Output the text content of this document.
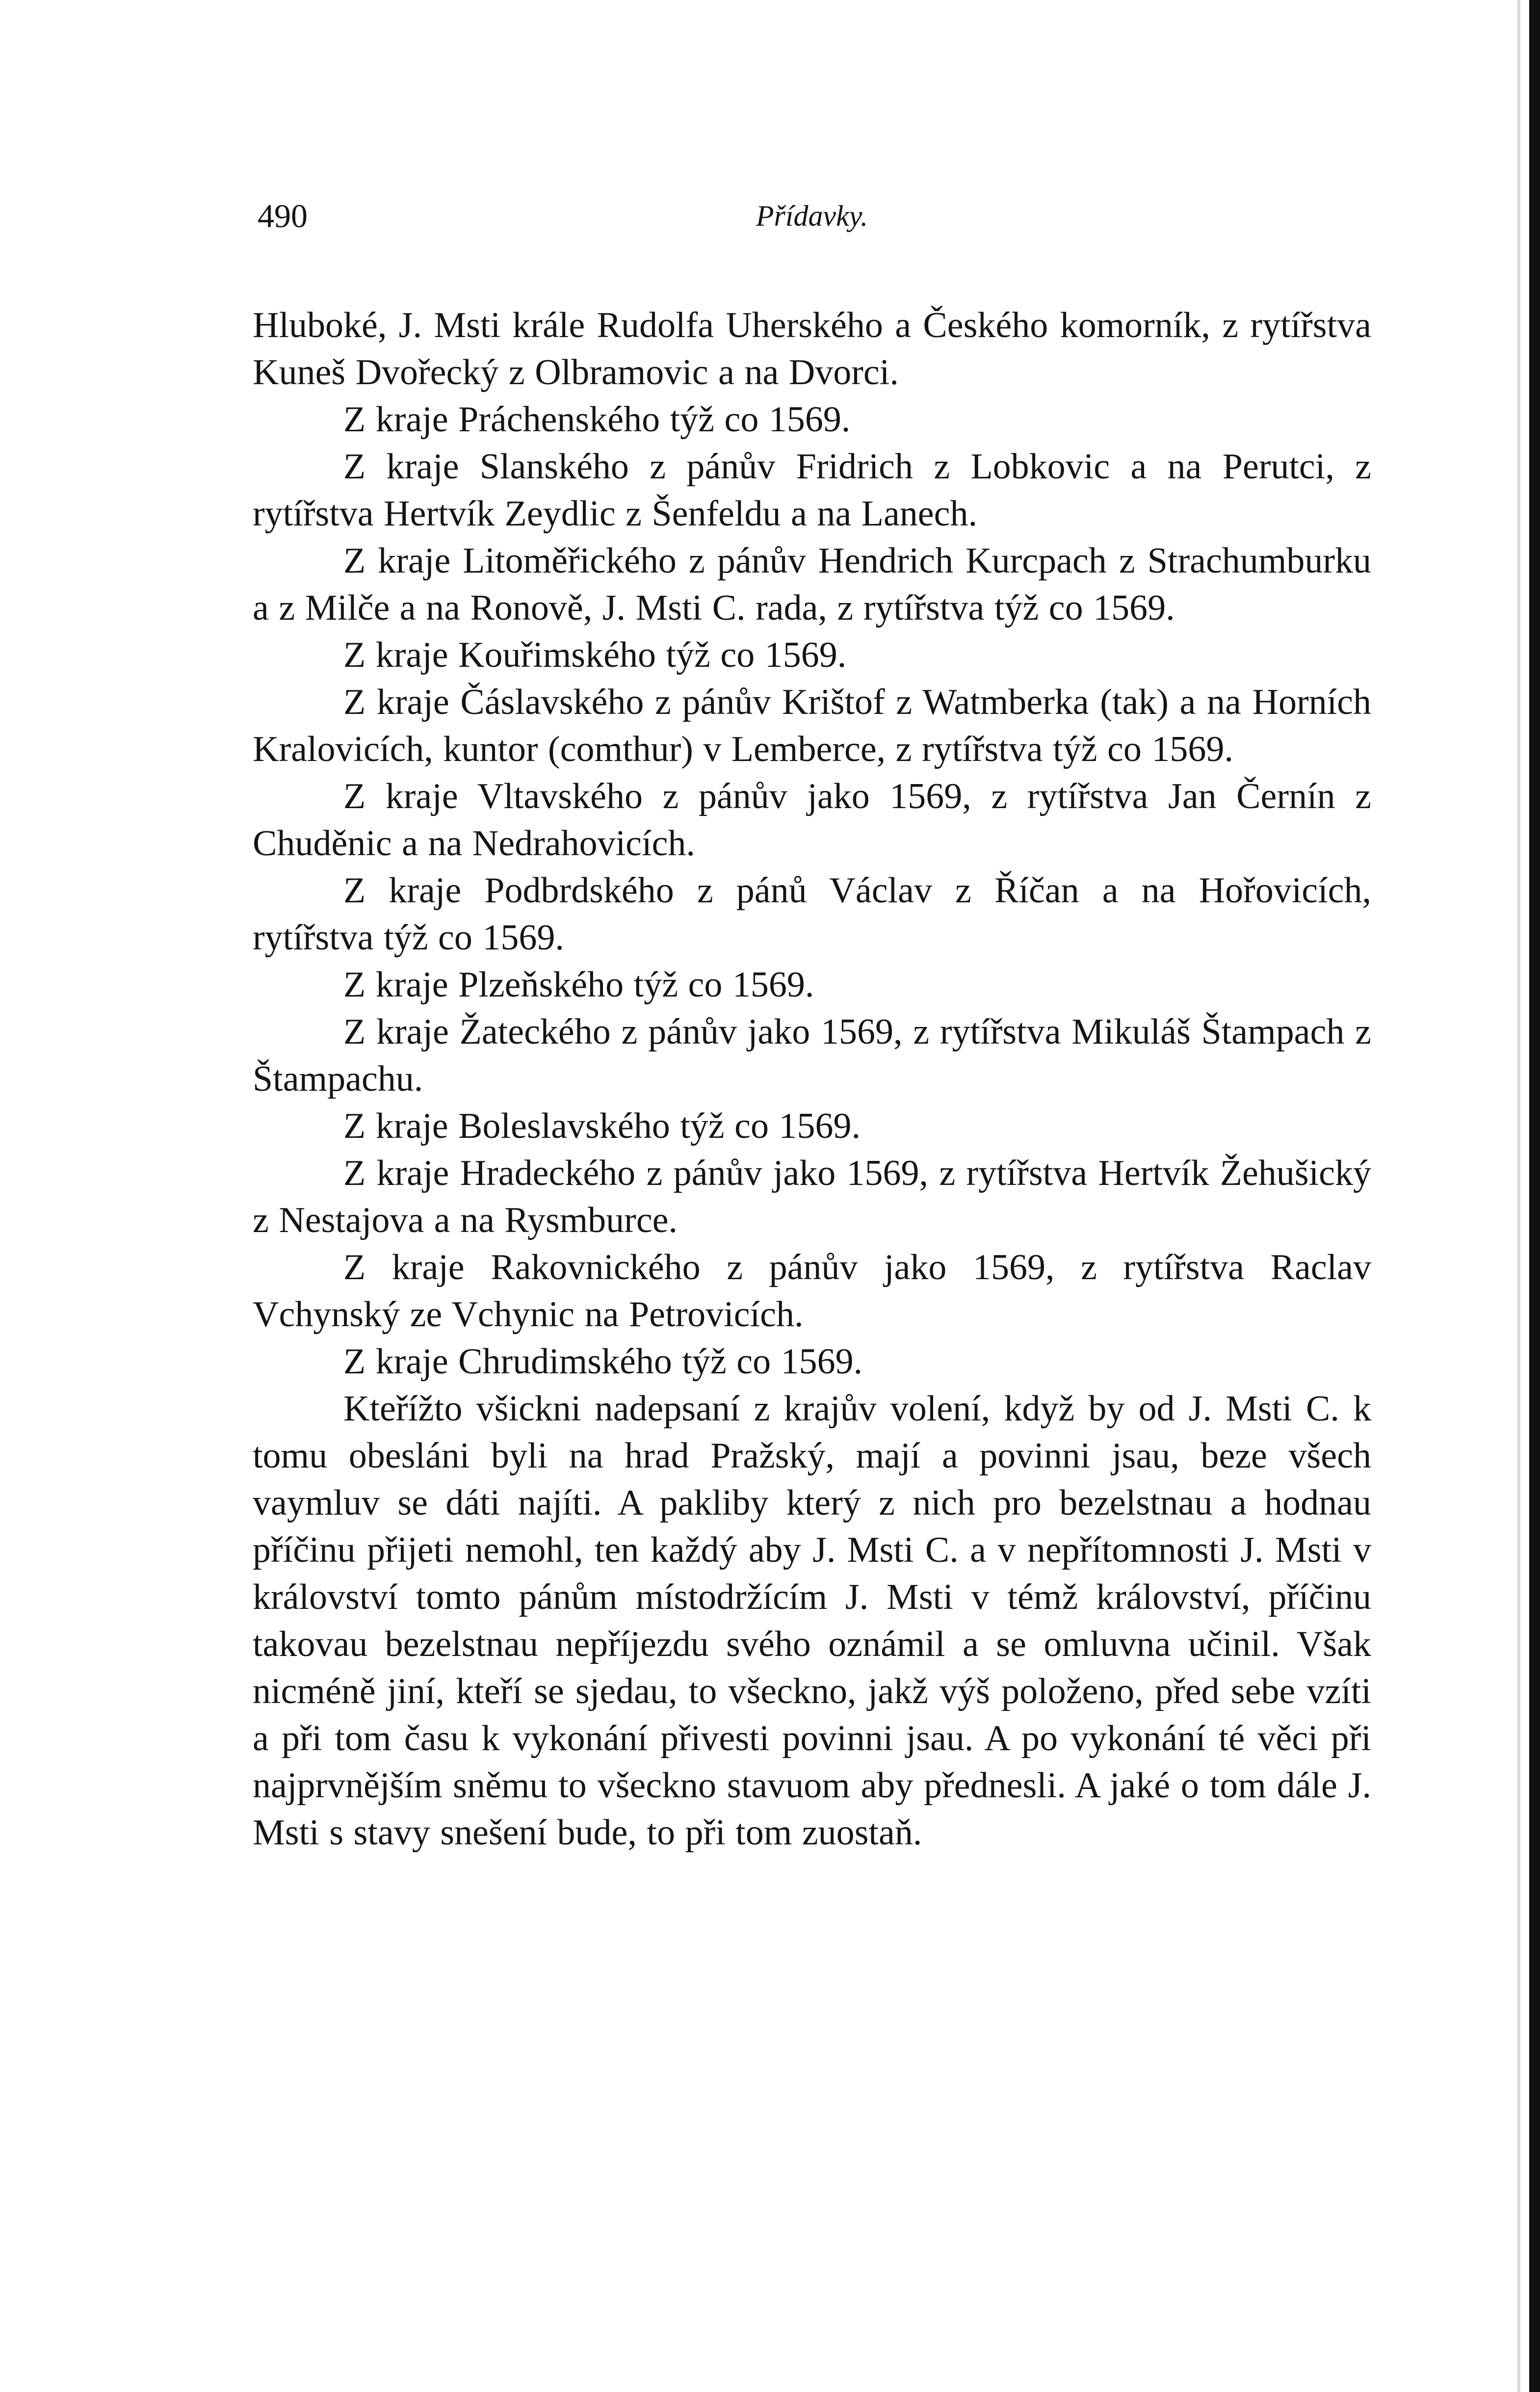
490	Přídavky.

Hluboké, J. Msti krále Rudolfa Uherského a Českého komorník, z rytířstva Kuneš Dvořecký z Olbramovic a na Dvorci.

Z kraje Práchenského týž co 1569.

Z kraje Slanského z pánův Fridrich z Lobkovic a na Perutci, z rytířstva Hertvík Zeydlic z Šenfeldu a na Lanech.

Z kraje Litoměřického z pánův Hendrich Kurcpach z Strachumburku a z Milče a na Ronově, J. Msti C. rada, z rytířstva týž co 1569.

Z kraje Kouřimského týž co 1569.

Z kraje Čáslavského z pánův Krištof z Watmberka (tak) a na Horních Kralovicích, kuntor (comthur) v Lemberce, z rytířstva týž co 1569.

Z kraje Vltavského z pánův jako 1569, z rytířstva Jan Černín z Chuděnic a na Nedrahovicích.

Z kraje Podbrdského z pánů Václav z Říčan a na Hořovicích, rytířstva týž co 1569.

Z kraje Plzeňského týž co 1569.

Z kraje Žateckého z pánův jako 1569, z rytířstva Mikuláš Štampach z Štampachu.

Z kraje Boleslavského týž co 1569.

Z kraje Hradeckého z pánův jako 1569, z rytířstva Hertvík Žehušický z Nestajova a na Rysmburce.

Z kraje Rakovnického z pánův jako 1569, z rytířstva Raclav Vchynský ze Vchynic na Petrovicích.

Z kraje Chrudimského týž co 1569.

Kteřížto všickni nadepsaní z krajův volení, když by od J. Msti C. k tomu obesláni byli na hrad Pražský, mají a povinni jsau, beze všech vaymluv se dáti najíti. A pakliby který z nich pro bezelstnau a hodnau příčinu přijeti nemohl, ten každý aby J. Msti C. a v nepřítomnosti J. Msti v království tomto pánům místodržícím J. Msti v témž království, příčinu takovau bezelstnau nepříjezdu svého oznámil a se omluvna učinil. Však nicméně jiní, kteří se sjedau, to všeckno, jakž výš položeno, před sebe vzíti a při tom času k vykonání přivesti povinni jsau. A po vykonání té věci při najprvnějším sněmu to všeckno stavuom aby přednesli. A jaké o tom dále J. Msti s stavy snešení bude, to při tom zuostaň.
